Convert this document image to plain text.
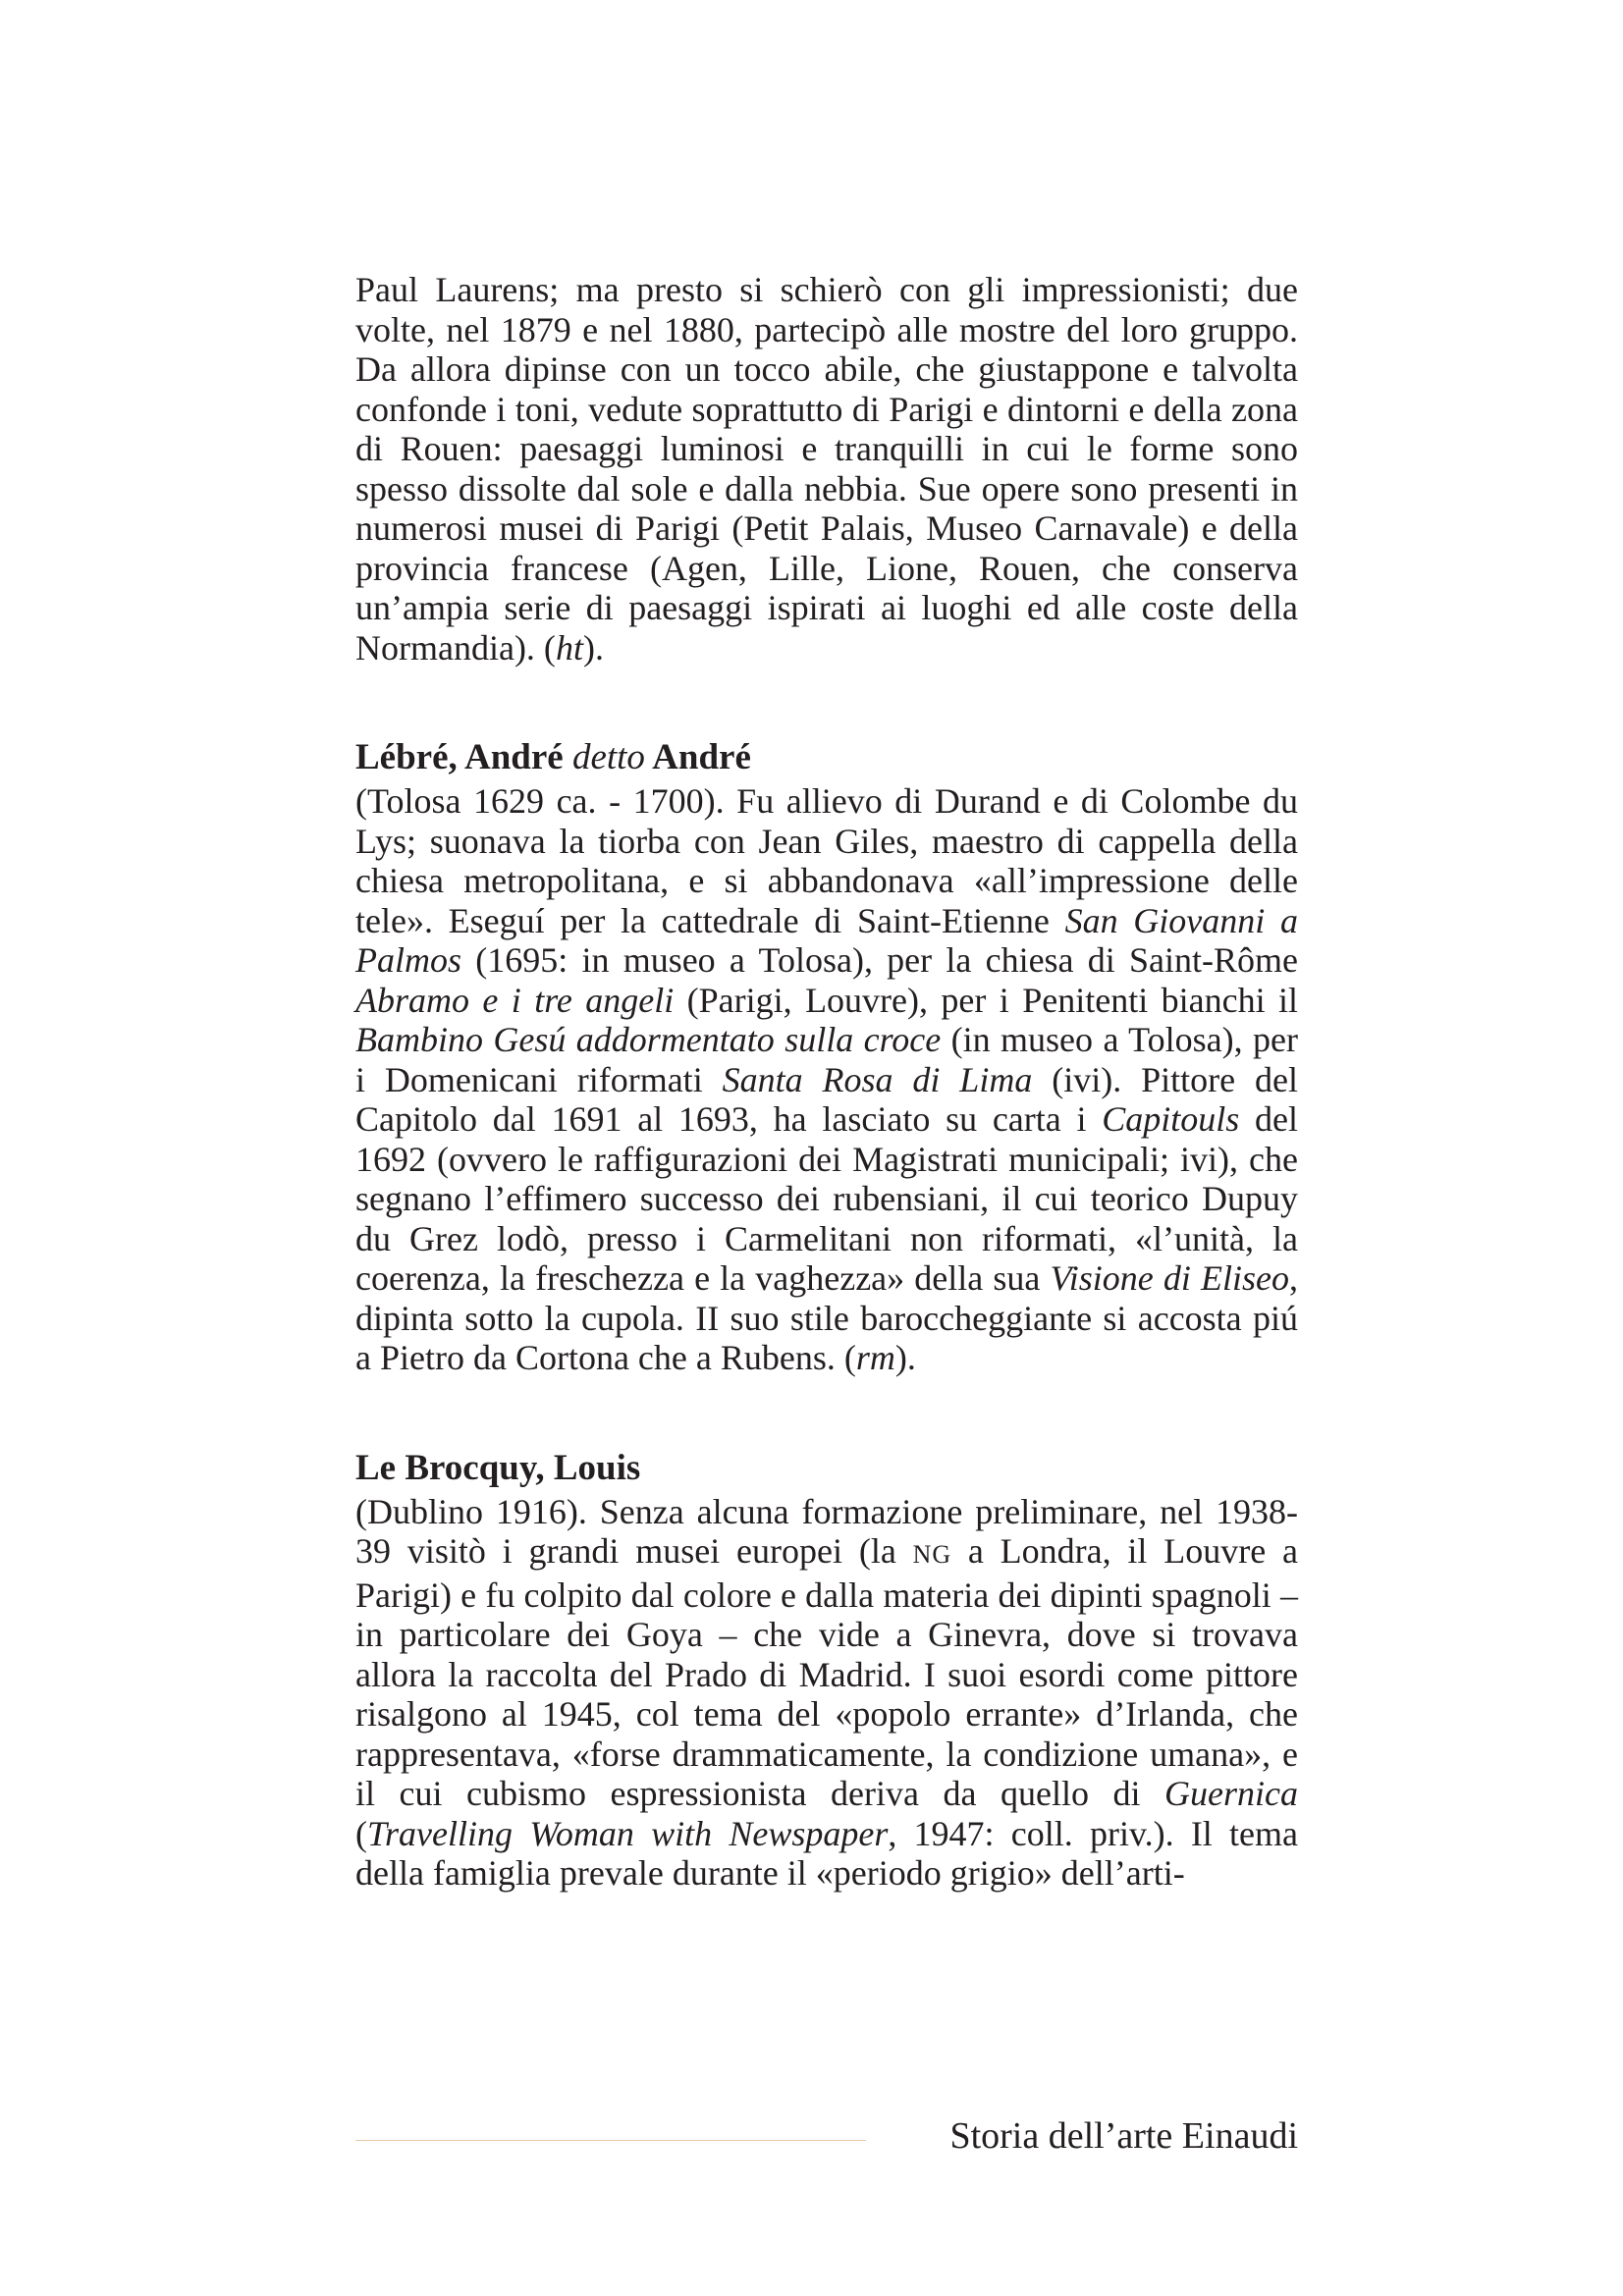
Paul Laurens; ma presto si schierò con gli impressionisti; due volte, nel 1879 e nel 1880, partecipò alle mostre del loro gruppo. Da allora dipinse con un tocco abile, che giustappone e talvolta confonde i toni, vedute soprattutto di Parigi e dintorni e della zona di Rouen: paesaggi luminosi e tranquilli in cui le forme sono spesso dissolte dal sole e dalla nebbia. Sue opere sono presenti in numerosi musei di Parigi (Petit Palais, Museo Carnavale) e della provincia francese (Agen, Lille, Lione, Rouen, che conserva un’ampia serie di paesaggi ispirati ai luoghi ed alle coste della Normandia). (ht).

Lébré, André detto André

(Tolosa 1629 ca. - 1700). Fu allievo di Durand e di Colombe du Lys; suonava la tiorba con Jean Giles, maestro di cappella della chiesa metropolitana, e si abbandonava «all’impressione delle tele». Eseguí per la cattedrale di Saint-Etienne San Giovanni a Palmos (1695: in museo a Tolosa), per la chiesa di Saint-Rôme Abramo e i tre angeli (Parigi, Louvre), per i Penitenti bianchi il Bambino Gesú addormentato sulla croce (in museo a Tolosa), per i Domenicani riformati Santa Rosa di Lima (ivi). Pittore del Capitolo dal 1691 al 1693, ha lasciato su carta i Capitouls del 1692 (ovvero le raffigurazioni dei Magistrati municipali; ivi), che segnano l’effimero successo dei rubensiani, il cui teorico Dupuy du Grez lodò, presso i Carmelitani non riformati, «l’unità, la coerenza, la freschezza e la vaghezza» della sua Visione di Eliseo, dipinta sotto la cupola. II suo stile baroccheggiante si accosta piú a Pietro da Cortona che a Rubens. (rm).

Le Brocquy, Louis

(Dublino 1916). Senza alcuna formazione preliminare, nel 1938-39 visitò i grandi musei europei (la NG a Londra, il Louvre a Parigi) e fu colpito dal colore e dalla materia dei dipinti spagnoli – in particolare dei Goya – che vide a Ginevra, dove si trovava allora la raccolta del Prado di Madrid. I suoi esordi come pittore risalgono al 1945, col tema del «popolo errante» d’Irlanda, che rappresentava, «forse drammaticamente, la condizione umana», e il cui cubismo espressionista deriva da quello di Guernica (Travelling Woman with Newspaper, 1947: coll. priv.). Il tema della famiglia prevale durante il «periodo grigio» dell’arti-

Storia dell’arte Einaudi
